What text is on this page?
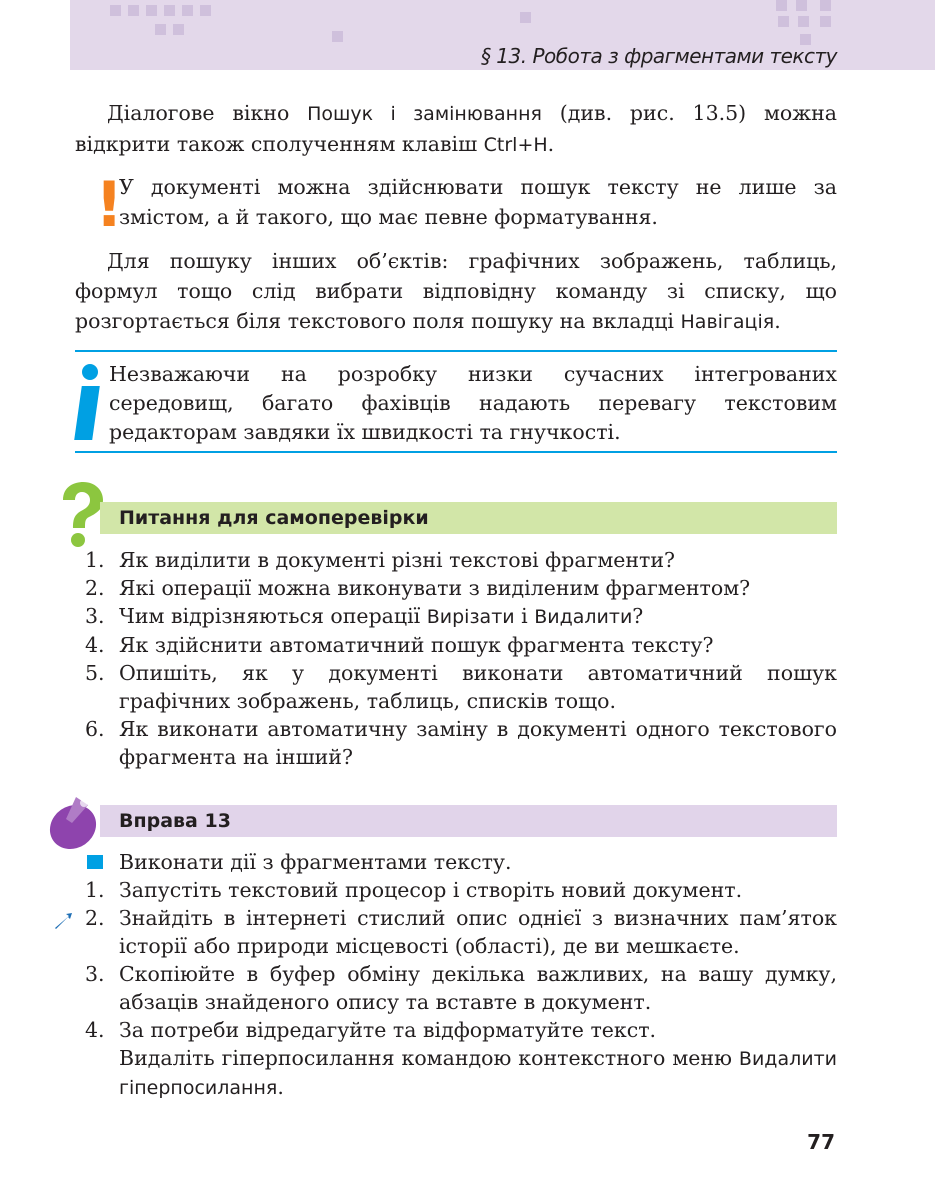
§ 13. Робота з фрагментами тексту

Діалогове вікно Пошук і замінювання (див. рис. 13.5) можна відкрити також сполученням клавіш Ctrl+H.

!
У документі можна здійснювати пошук тексту не лише за змістом, а й такого, що має певне форматування.

Для пошуку інших об’єктів: графічних зображень, таблиць, формул тощо слід вибрати відповідну команду зі списку, що розгортається біля текстового поля пошуку на вкладці Навігація.

Незважаючи на розробку низки сучасних інтегрованих середовищ, багато фахівців надають перевагу текстовим редакторам завдяки їх швидкості та гнучкості.
Питання для самоперевірки
1. Як виділити в документі різні текстові фрагменти?
2. Які операції можна виконувати з виділеним фрагментом?
3. Чим відрізняються операції Вирізати і Видалити?
4. Як здійснити автоматичний пошук фрагмента тексту?
5. Опишіть, як у документі виконати автоматичний пошук графічних зображень, таблиць, списків тощо.
6. Як виконати автоматичну заміну в документі одного текстового фрагмента на інший?
Вправа 13
Виконати дії з фрагментами тексту.
1. Запустіть текстовий процесор і створіть новий документ.
2. Знайдіть в інтернеті стислий опис однієї з визначних пам’яток історії або природи місцевості (області), де ви мешкаєте.
3. Скопіюйте в буфер обміну декілька важливих, на вашу думку, абзаців знайденого опису та вставте в документ.
4. За потреби відредагуйте та відформатуйте текст.
Видаліть гіперпосилання командою контекстного меню Видалити гіперпосилання.
77
